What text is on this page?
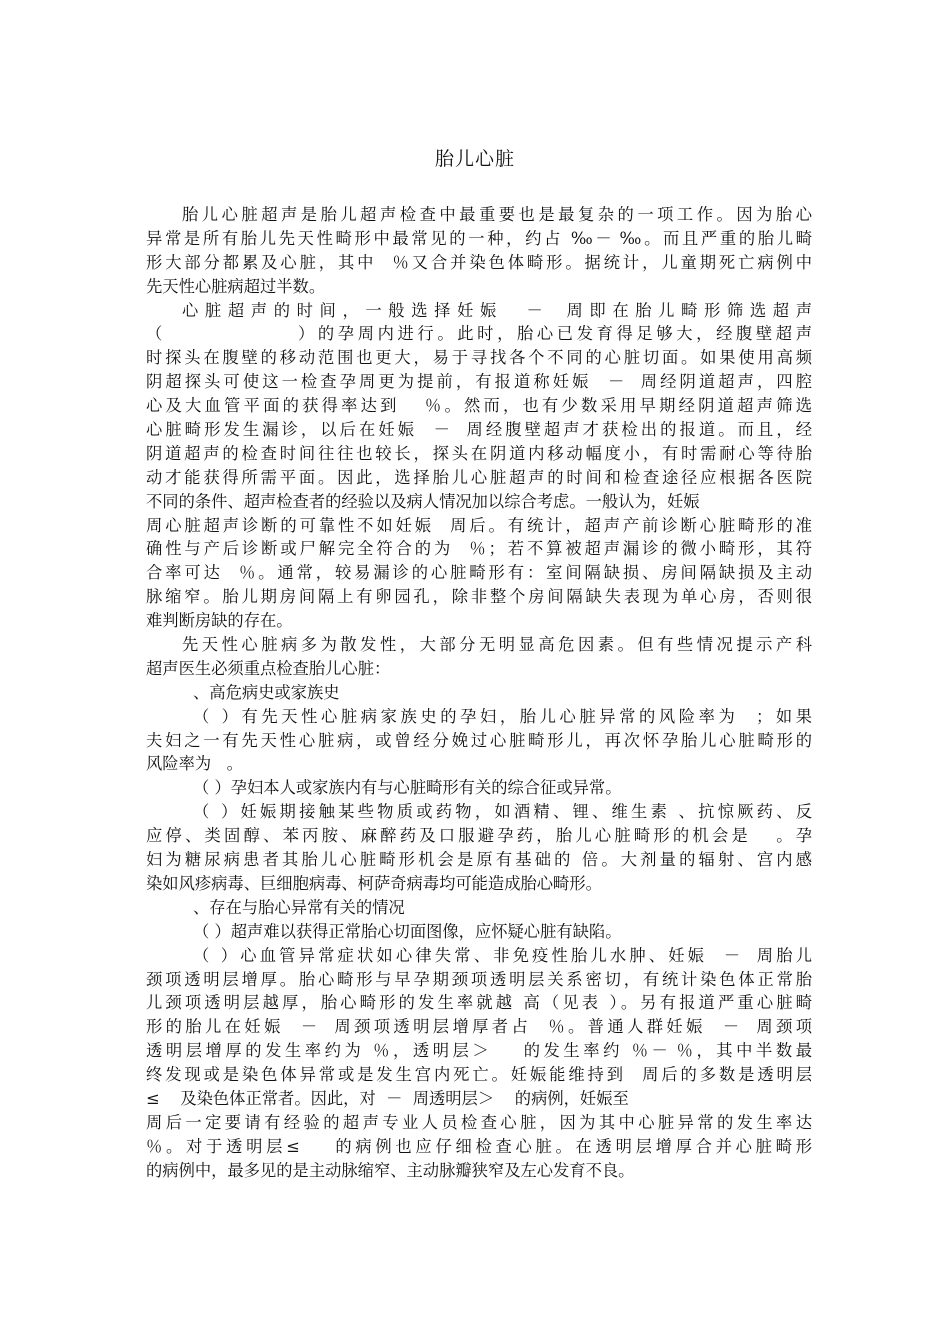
胎儿心脏
胎儿心脏超声是胎儿超声检查中最重要也是最复杂的一项工作。因为胎心
异常是所有胎儿先天性畸形中最常见的一种，约占 ‰－ ‰。而且严重的胎儿畸
形大部分都累及心脏，其中  ％又合并染色体畸形。据统计，儿童期死亡病例中
先天性心脏病超过半数。
心脏超声的时间，一般选择妊娠  －  周即在胎儿畸形筛选超声
（               ）的孕周内进行。此时，胎心已发育得足够大，经腹壁超声
时探头在腹壁的移动范围也更大，易于寻找各个不同的心脏切面。如果使用高频
阴超探头可使这一检查孕周更为提前，有报道称妊娠  －  周经阴道超声，四腔
心及大血管平面的获得率达到   ％。然而，也有少数采用早期经阴道超声筛选
心脏畸形发生漏诊，以后在妊娠  －  周经腹壁超声才获检出的报道。而且，经
阴道超声的检查时间往往也较长，探头在阴道内移动幅度小，有时需耐心等待胎
动才能获得所需平面。因此，选择胎儿心脏超声的时间和检查途径应根据各医院
不同的条件、超声检查者的经验以及病人情况加以综合考虑。一般认为，妊娠
周心脏超声诊断的可靠性不如妊娠  周后。有统计，超声产前诊断心脏畸形的准
确性与产后诊断或尸解完全符合的为  ％；若不算被超声漏诊的微小畸形，其符
合率可达  ％。通常，较易漏诊的心脏畸形有：室间隔缺损、房间隔缺损及主动
脉缩窄。胎儿期房间隔上有卵园孔，除非整个房间隔缺失表现为单心房，否则很
难判断房缺的存在。
先天性心脏病多为散发性，大部分无明显高危因素。但有些情况提示产科
超声医生必须重点检查胎儿心脏：
、高危病史或家族史
（ ）有先天性心脏病家族史的孕妇，胎儿心脏异常的风险率为  ；如果
夫妇之一有先天性心脏病，或曾经分娩过心脏畸形儿，再次怀孕胎儿心脏畸形的
风险率为   。
（ ）孕妇本人或家族内有与心脏畸形有关的综合征或异常。
（ ）妊娠期接触某些物质或药物，如酒精、锂、维生素 、抗惊厥药、反
应停、类固醇、苯丙胺、麻醉药及口服避孕药，胎儿心脏畸形的机会是   。孕
妇为糖尿病患者其胎儿心脏畸形机会是原有基础的 倍。大剂量的辐射、宫内感
染如风疹病毒、巨细胞病毒、柯萨奇病毒均可能造成胎心畸形。
、存在与胎心异常有关的情况
（ ）超声难以获得正常胎心切面图像，应怀疑心脏有缺陷。
（ ）心血管异常症状如心律失常、非免疫性胎儿水肿、妊娠  －  周胎儿
颈项透明层增厚。胎心畸形与早孕期颈项透明层关系密切，有统计染色体正常胎
儿颈项透明层越厚，胎心畸形的发生率就越 高（见表 ）。另有报道严重心脏畸
形的胎儿在妊娠  －  周颈项透明层增厚者占  ％。普通人群妊娠  －  周颈项
透明层增厚的发生率约为 ％，透明层＞    的发生率约 ％－ ％，其中半数最
终发现或是染色体异常或是发生宫内死亡。妊娠能维持到  周后的多数是透明层
≤    及染色体正常者。因此，对  －  周透明层＞    的病例，妊娠至
周后一定要请有经验的超声专业人员检查心脏，因为其中心脏异常的发生率达
％。对于透明层≤    的病例也应仔细检查心脏。在透明层增厚合并心脏畸形
的病例中，最多见的是主动脉缩窄、主动脉瓣狭窄及左心发育不良。
